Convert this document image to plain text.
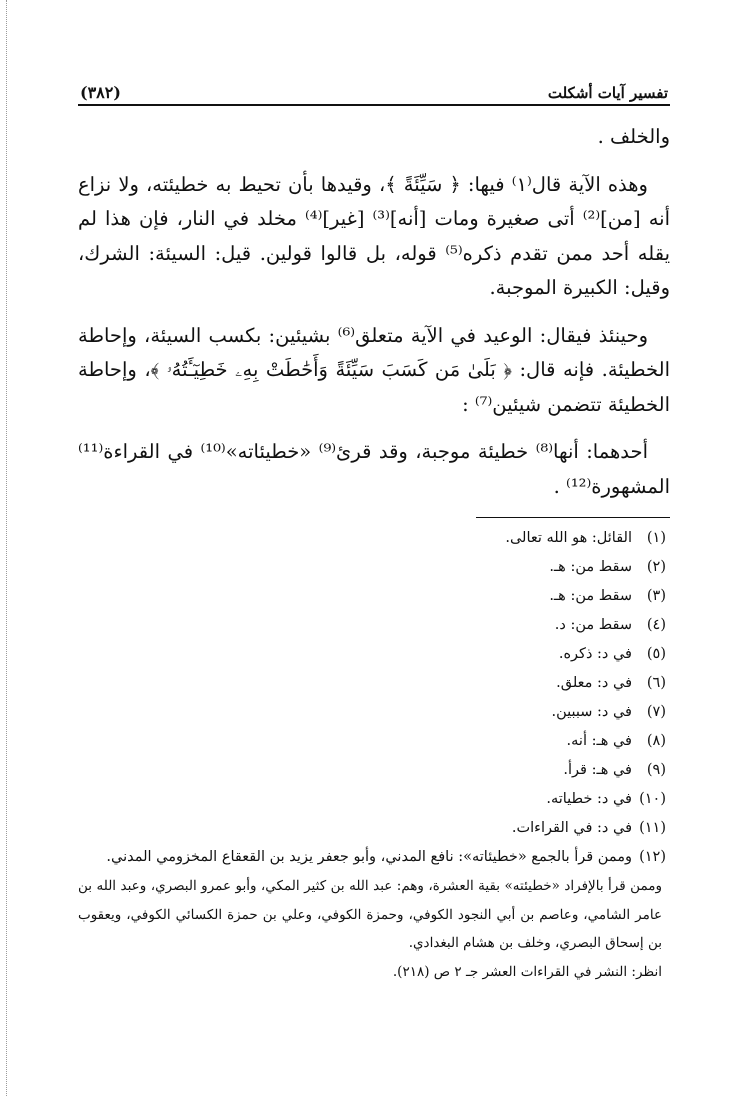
تفسير آيات أشكلت
(٣٨٢)

والخلف .

وهذه الآية قال⁽١⁾ فيها: ﴿ سَيِّئَةً ﴾، وقيدها بأن تحيط به خطيئته، ولا نزاع أنه [من]⁽²⁾ أتى صغيرة ومات [أنه]⁽³⁾ [غير]⁽⁴⁾ مخلد في النار، فإن هذا لم يقله أحد ممن تقدم ذكره⁽⁵⁾ قوله، بل قالوا قولين. قيل: السيئة: الشرك، وقيل: الكبيرة الموجبة.

وحينئذ فيقال: الوعيد في الآية متعلق⁽⁶⁾ بشيئين: بكسب السيئة، وإحاطة الخطيئة. فإنه قال: ﴿ بَلَىٰ مَن كَسَبَ سَيِّئَةً وَأَحَٰطَتْ بِهِۦ خَطِيٓـَٔتُهُۥ ﴾، وإحاطة الخطيئة تتضمن شيئين⁽⁷⁾ :

أحدهما: أنها⁽⁸⁾ خطيئة موجبة، وقد قرئ⁽⁹⁾ «خطيئاته»⁽¹⁰⁾ في القراءة⁽¹¹⁾ المشهورة⁽¹²⁾ .

(١)
القائل: هو الله تعالى.
(٢)
سقط من: هـ.
(٣)
سقط من: هـ.
(٤)
سقط من: د.
(٥)
في د: ذكره.
(٦)
في د: معلق.
(٧)
في د: سببين.
(٨)
في هـ: أنه.
(٩)
في هـ: قرأ.
(١٠)
في د: خطياته.
(١١)
في د: في القراءات.
(١٢)
وممن قرأ بالجمع «خطيئاته»: نافع المدني، وأبو جعفر يزيد بن القعقاع المخزومي المدني.
وممن قرأ بالإفراد «خطيئته» بقية العشرة، وهم: عبد الله بن كثير المكي، وأبو عمرو البصري، وعبد الله بن عامر الشامي، وعاصم بن أبي النجود الكوفي، وحمزة الكوفي، وعلي بن حمزة الكسائي الكوفي، ويعقوب بن إسحاق البصري، وخلف بن هشام البغدادي.
انظر: النشر في القراءات العشر جـ ٢ ص (٢١٨).
